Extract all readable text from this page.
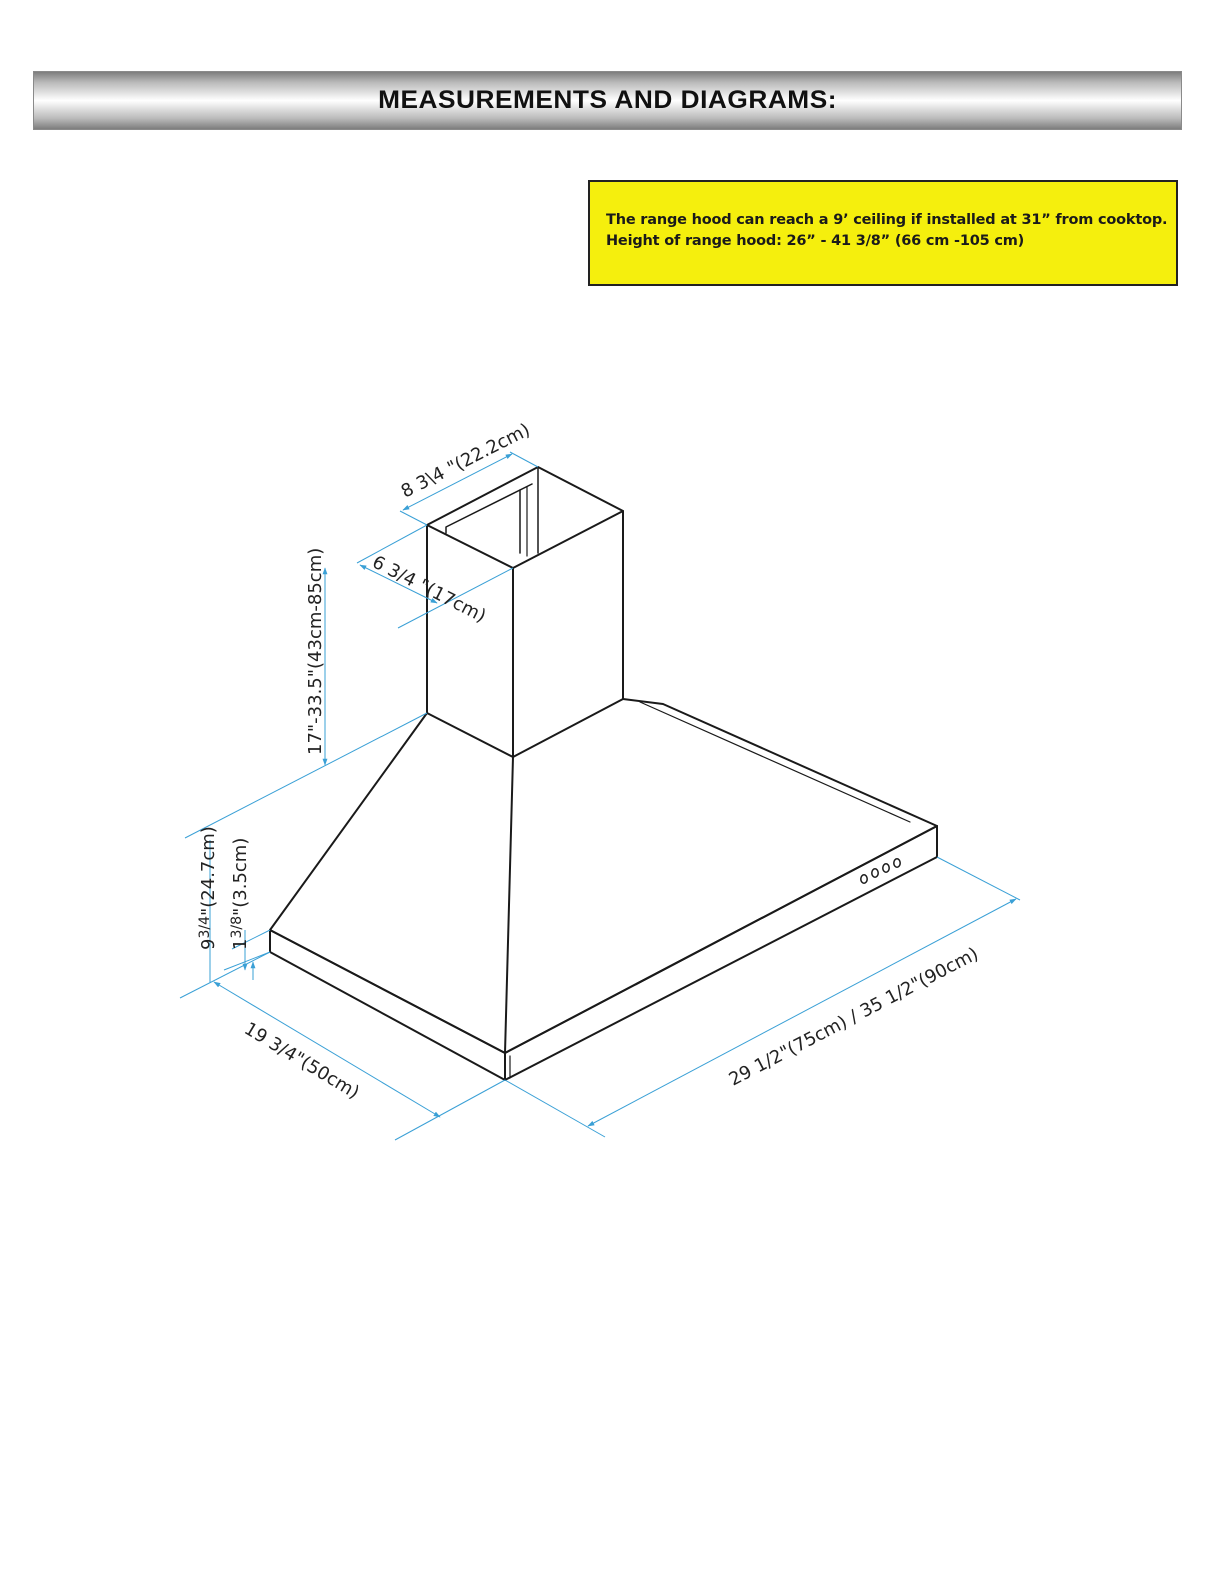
MEASUREMENTS AND DIAGRAMS:
The range hood can reach a 9’ ceiling if installed at 31” from cooktop.
Height of range hood: 26” - 41 3/8” (66 cm -105 cm)
8 3\4 "(22.2cm)
6 3/4 "(17cm)
17"-33.5"(43cm-85cm)
$9^{3/4}"(24.7cm)$
$1^{3/8}"(3.5cm)$
19 3/4"(50cm)	29 1/2"(75cm) / 35 1/2"(90cm)
